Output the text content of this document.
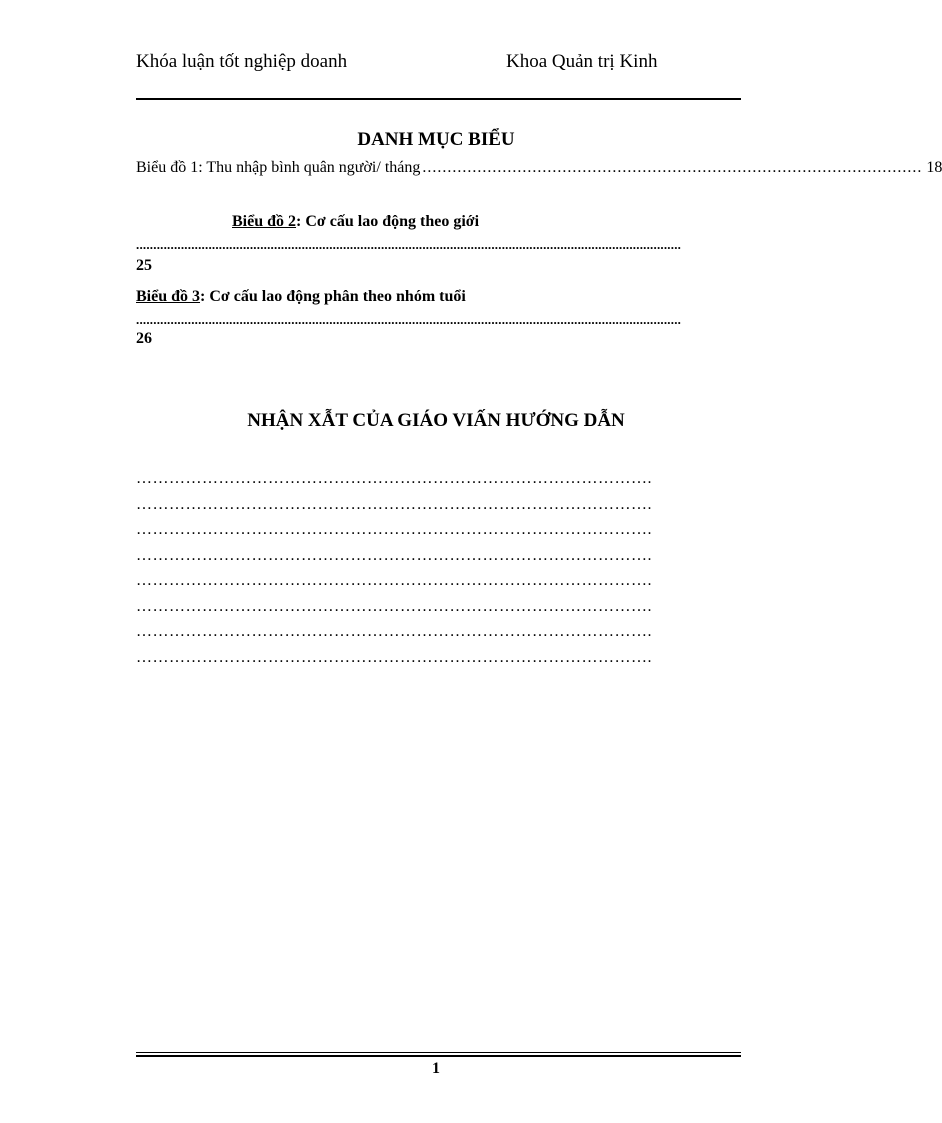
Khóa luận tốt nghiệp doanh	Khoa Quản trị Kinh
DANH MỤC BIỂU
Biểu đồ 1: Thu nhập bình quân người/ tháng .................................................................................................... 18
Biểu đồ 2: Cơ cấu lao động theo giới
..............................................................................................................................................................
25
Biểu đồ 3: Cơ cấu lao động phân theo nhóm tuổi
..............................................................................................................................................................
26
NHẬN XẪT CỦA GIÁO VIẤN HƯỚNG DẪN
………………………………………………………………………………….
………………………………………………………………………………….
………………………………………………………………………………….
………………………………………………………………………………….
………………………………………………………………………………….
………………………………………………………………………………….
………………………………………………………………………………….
………………………………………………………………………………….
1
